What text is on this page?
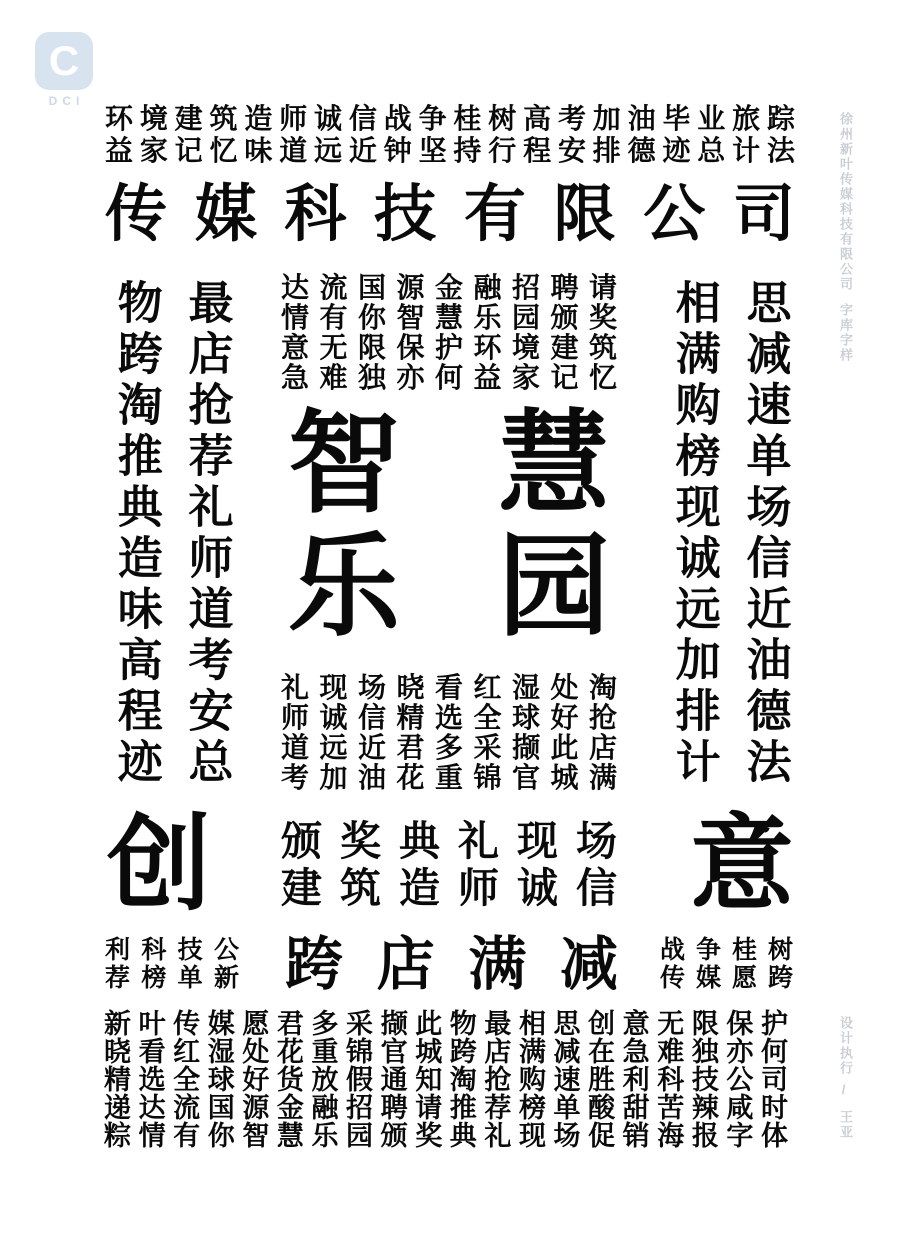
C
DCI
环境建筑造师诚信战争桂树高考加油毕业旅踪
益家记忆味道远近钟坚持行程安排德迹总计法
传媒科技有限公司
物跨淘推典造味高程迹 最店抢荐礼师道考安总 达流国源金融招聘请
情有你智慧乐园颁奖
意无限保护环境建筑
急难独亦何益家记忆
智慧
乐园
礼现场晓看红湿处淘
师诚信精选全球好抢
道远近君多采撷此店
考加油花重锦官城满 相满购榜现诚远加排计 思减速单场信近油德法
徐州新叶传媒科技有限公司
字库字样
创	颁奖典礼现场
建筑造师诚信 意
利科技公
荐榜单新 跨店满减 战争桂树
传媒愿跨
新叶传媒愿君多采撷此物最相思创意无限保护
晓看红湿处花重锦官城跨店满减在急难独亦何
精选全球好货放假通知淘抢购速胜利科技公司
递达流国源金融招聘请推荐榜单酸甜苦辣咸时
粽情有你智慧乐园颁奖典礼现场促销海报字体
设计执行
/
王亚
